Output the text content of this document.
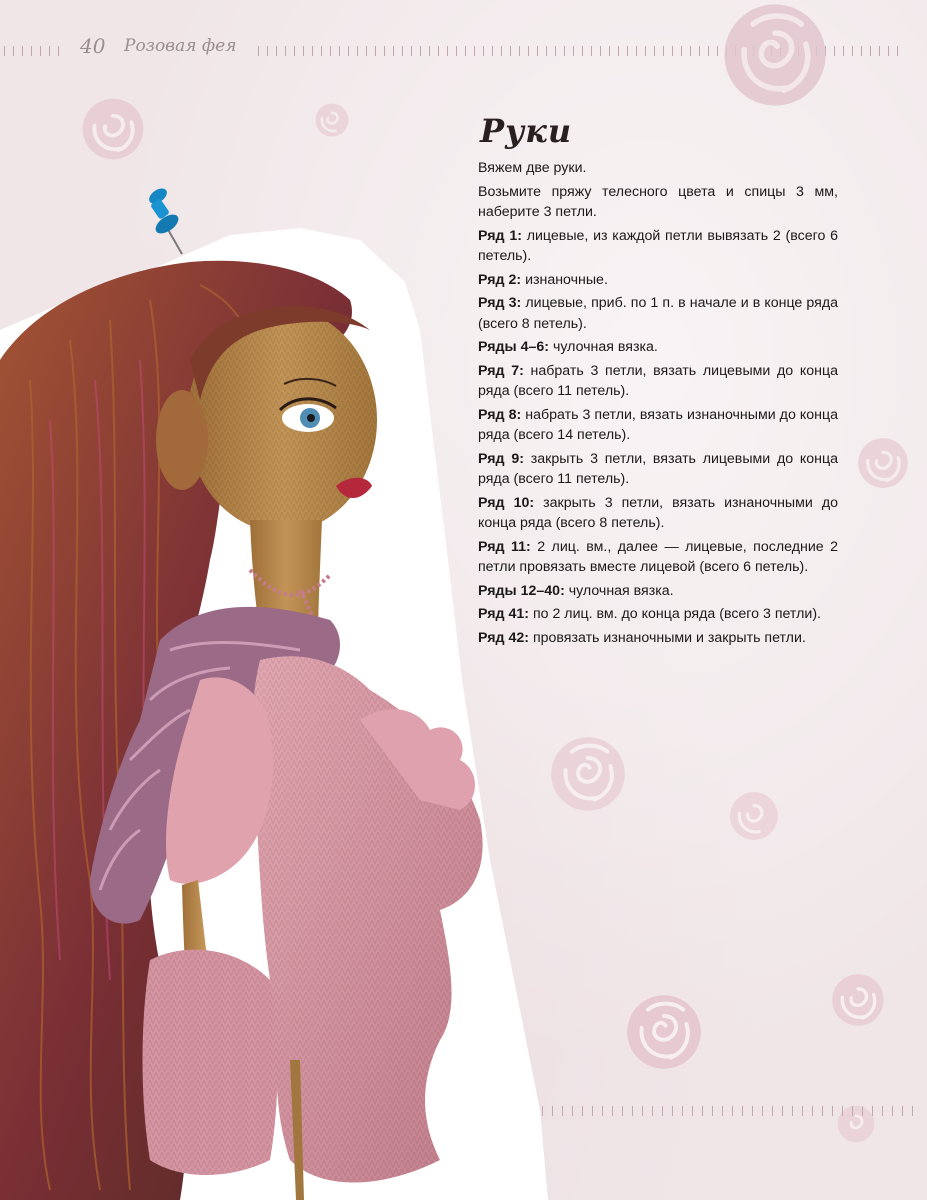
40 Розовая фея
Руки

Вяжем две руки.

Возьмите пряжу телесного цвета и спицы 3 мм, наберите 3 петли.

Ряд 1: лицевые, из каждой петли вывязать 2 (всего 6 петель).

Ряд 2: изнаночные.

Ряд 3: лицевые, приб. по 1 п. в начале и в конце ряда (всего 8 петель).

Ряды 4–6: чулочная вязка.

Ряд 7: набрать 3 петли, вязать лицевыми до конца ряда (всего 11 петель).

Ряд 8: набрать 3 петли, вязать изнаночными до конца ряда (всего 14 петель).

Ряд 9: закрыть 3 петли, вязать лицевыми до конца ряда (всего 11 петель).

Ряд 10: закрыть 3 петли, вязать изнаночными до конца ряда (всего 8 петель).

Ряд 11: 2 лиц. вм., далее — лицевые, последние 2 петли провязать вместе лицевой (всего 6 петель).

Ряды 12–40: чулочная вязка.

Ряд 41: по 2 лиц. вм. до конца ряда (всего 3 петли).

Ряд 42: провязать изнаночными и закрыть петли.
